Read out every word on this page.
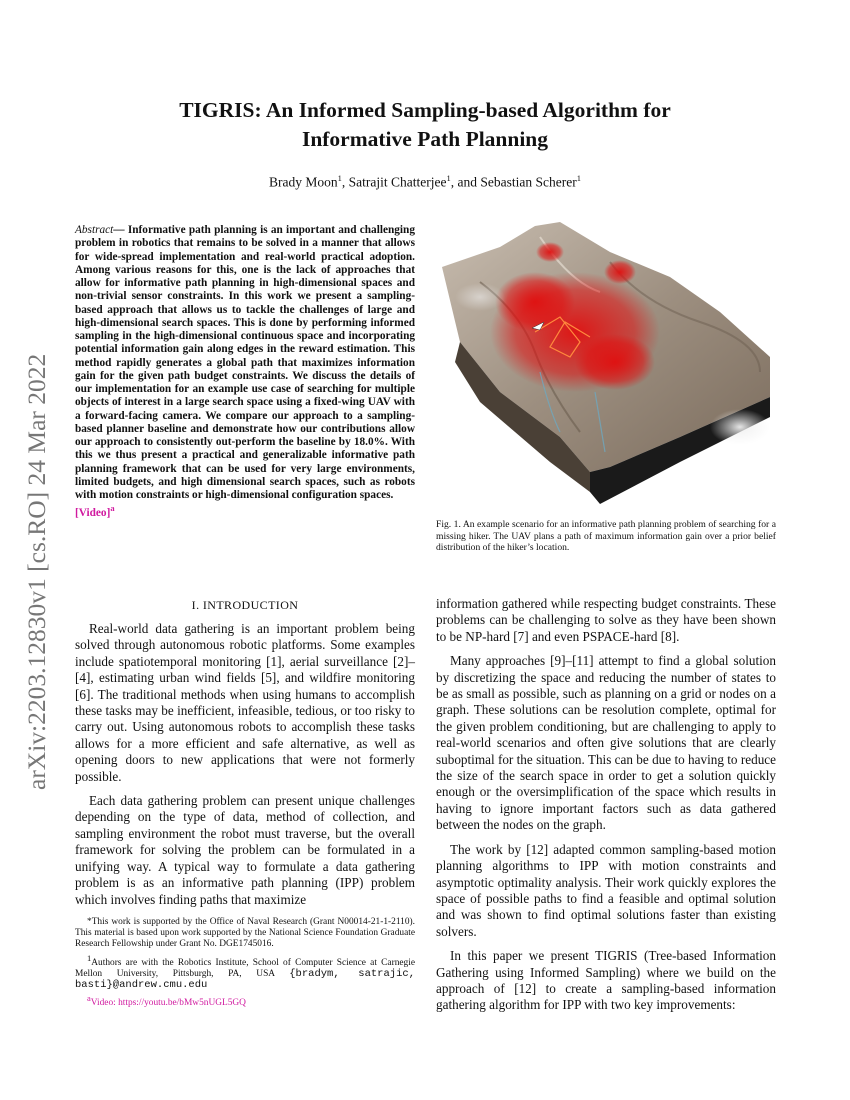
arXiv:2203.12830v1 [cs.RO] 24 Mar 2022
TIGRIS: An Informed Sampling-based Algorithm for
Informative Path Planning
Brady Moon$^1$, Satrajit Chatterjee$^1$, and Sebastian Scherer$^1$
Abstract— Informative path planning is an important and challenging problem in robotics that remains to be solved in a manner that allows for wide-spread implementation and real-world practical adoption. Among various reasons for this, one is the lack of approaches that allow for informative path planning in high-dimensional spaces and non-trivial sensor constraints. In this work we present a sampling-based approach that allows us to tackle the challenges of large and high-dimensional search spaces. This is done by performing informed sampling in the high-dimensional continuous space and incorporating potential information gain along edges in the reward estimation. This method rapidly generates a global path that maximizes information gain for the given path budget constraints. We discuss the details of our implementation for an example use case of searching for multiple objects of interest in a large search space using a fixed-wing UAV with a forward-facing camera. We compare our approach to a sampling-based planner baseline and demonstrate how our contributions allow our approach to consistently out-perform the baseline by 18.0%. With this we thus present a practical and generalizable informative path planning framework that can be used for very large environments, limited budgets, and high dimensional search spaces, such as robots with motion constraints or high-dimensional configuration spaces.
[Video]$^a$
Fig. 1. An example scenario for an informative path planning problem of searching for a missing hiker. The UAV plans a path of maximum information gain over a prior belief distribution of the hiker’s location.
I. INTRODUCTION

Real-world data gathering is an important problem being solved through autonomous robotic platforms. Some examples include spatiotemporal monitoring [1], aerial surveillance [2]–[4], estimating urban wind fields [5], and wildfire monitoring [6]. The traditional methods when using humans to accomplish these tasks may be inefficient, infeasible, tedious, or too risky to carry out. Using autonomous robots to accomplish these tasks allows for a more efficient and safe alternative, as well as opening doors to new applications that were not formerly possible.

Each data gathering problem can present unique challenges depending on the type of data, method of collection, and sampling environment the robot must traverse, but the overall framework for solving the problem can be formulated in a unifying way. A typical way to formulate a data gathering problem is as an informative path planning (IPP) problem which involves finding paths that maximize

information gathered while respecting budget constraints. These problems can be challenging to solve as they have been shown to be NP-hard [7] and even PSPACE-hard [8].

Many approaches [9]–[11] attempt to find a global solution by discretizing the space and reducing the number of states to be as small as possible, such as planning on a grid or nodes on a graph. These solutions can be resolution complete, optimal for the given problem conditioning, but are challenging to apply to real-world scenarios and often give solutions that are clearly suboptimal for the situation. This can be due to having to reduce the size of the search space in order to get a solution quickly enough or the oversimplification of the space which results in having to ignore important factors such as data gathered between the nodes on the graph.

The work by [12] adapted common sampling-based motion planning algorithms to IPP with motion constraints and asymptotic optimality analysis. Their work quickly explores the space of possible paths to find a feasible and optimal solution and was shown to find optimal solutions faster than existing solvers.

In this paper we present TIGRIS (Tree-based Information Gathering using Informed Sampling) where we build on the approach of [12] to create a sampling-based information gathering algorithm for IPP with two key improvements:

*This work is supported by the Office of Naval Research (Grant N00014-21-1-2110). This material is based upon work supported by the National Science Foundation Graduate Research Fellowship under Grant No. DGE1745016.

$^1$Authors are with the Robotics Institute, School of Computer Science at Carnegie Mellon University, Pittsburgh, PA, USA {bradym, satrajic, basti}@andrew.cmu.edu

$^a$Video: https://youtu.be/bMw5nUGL5GQ
